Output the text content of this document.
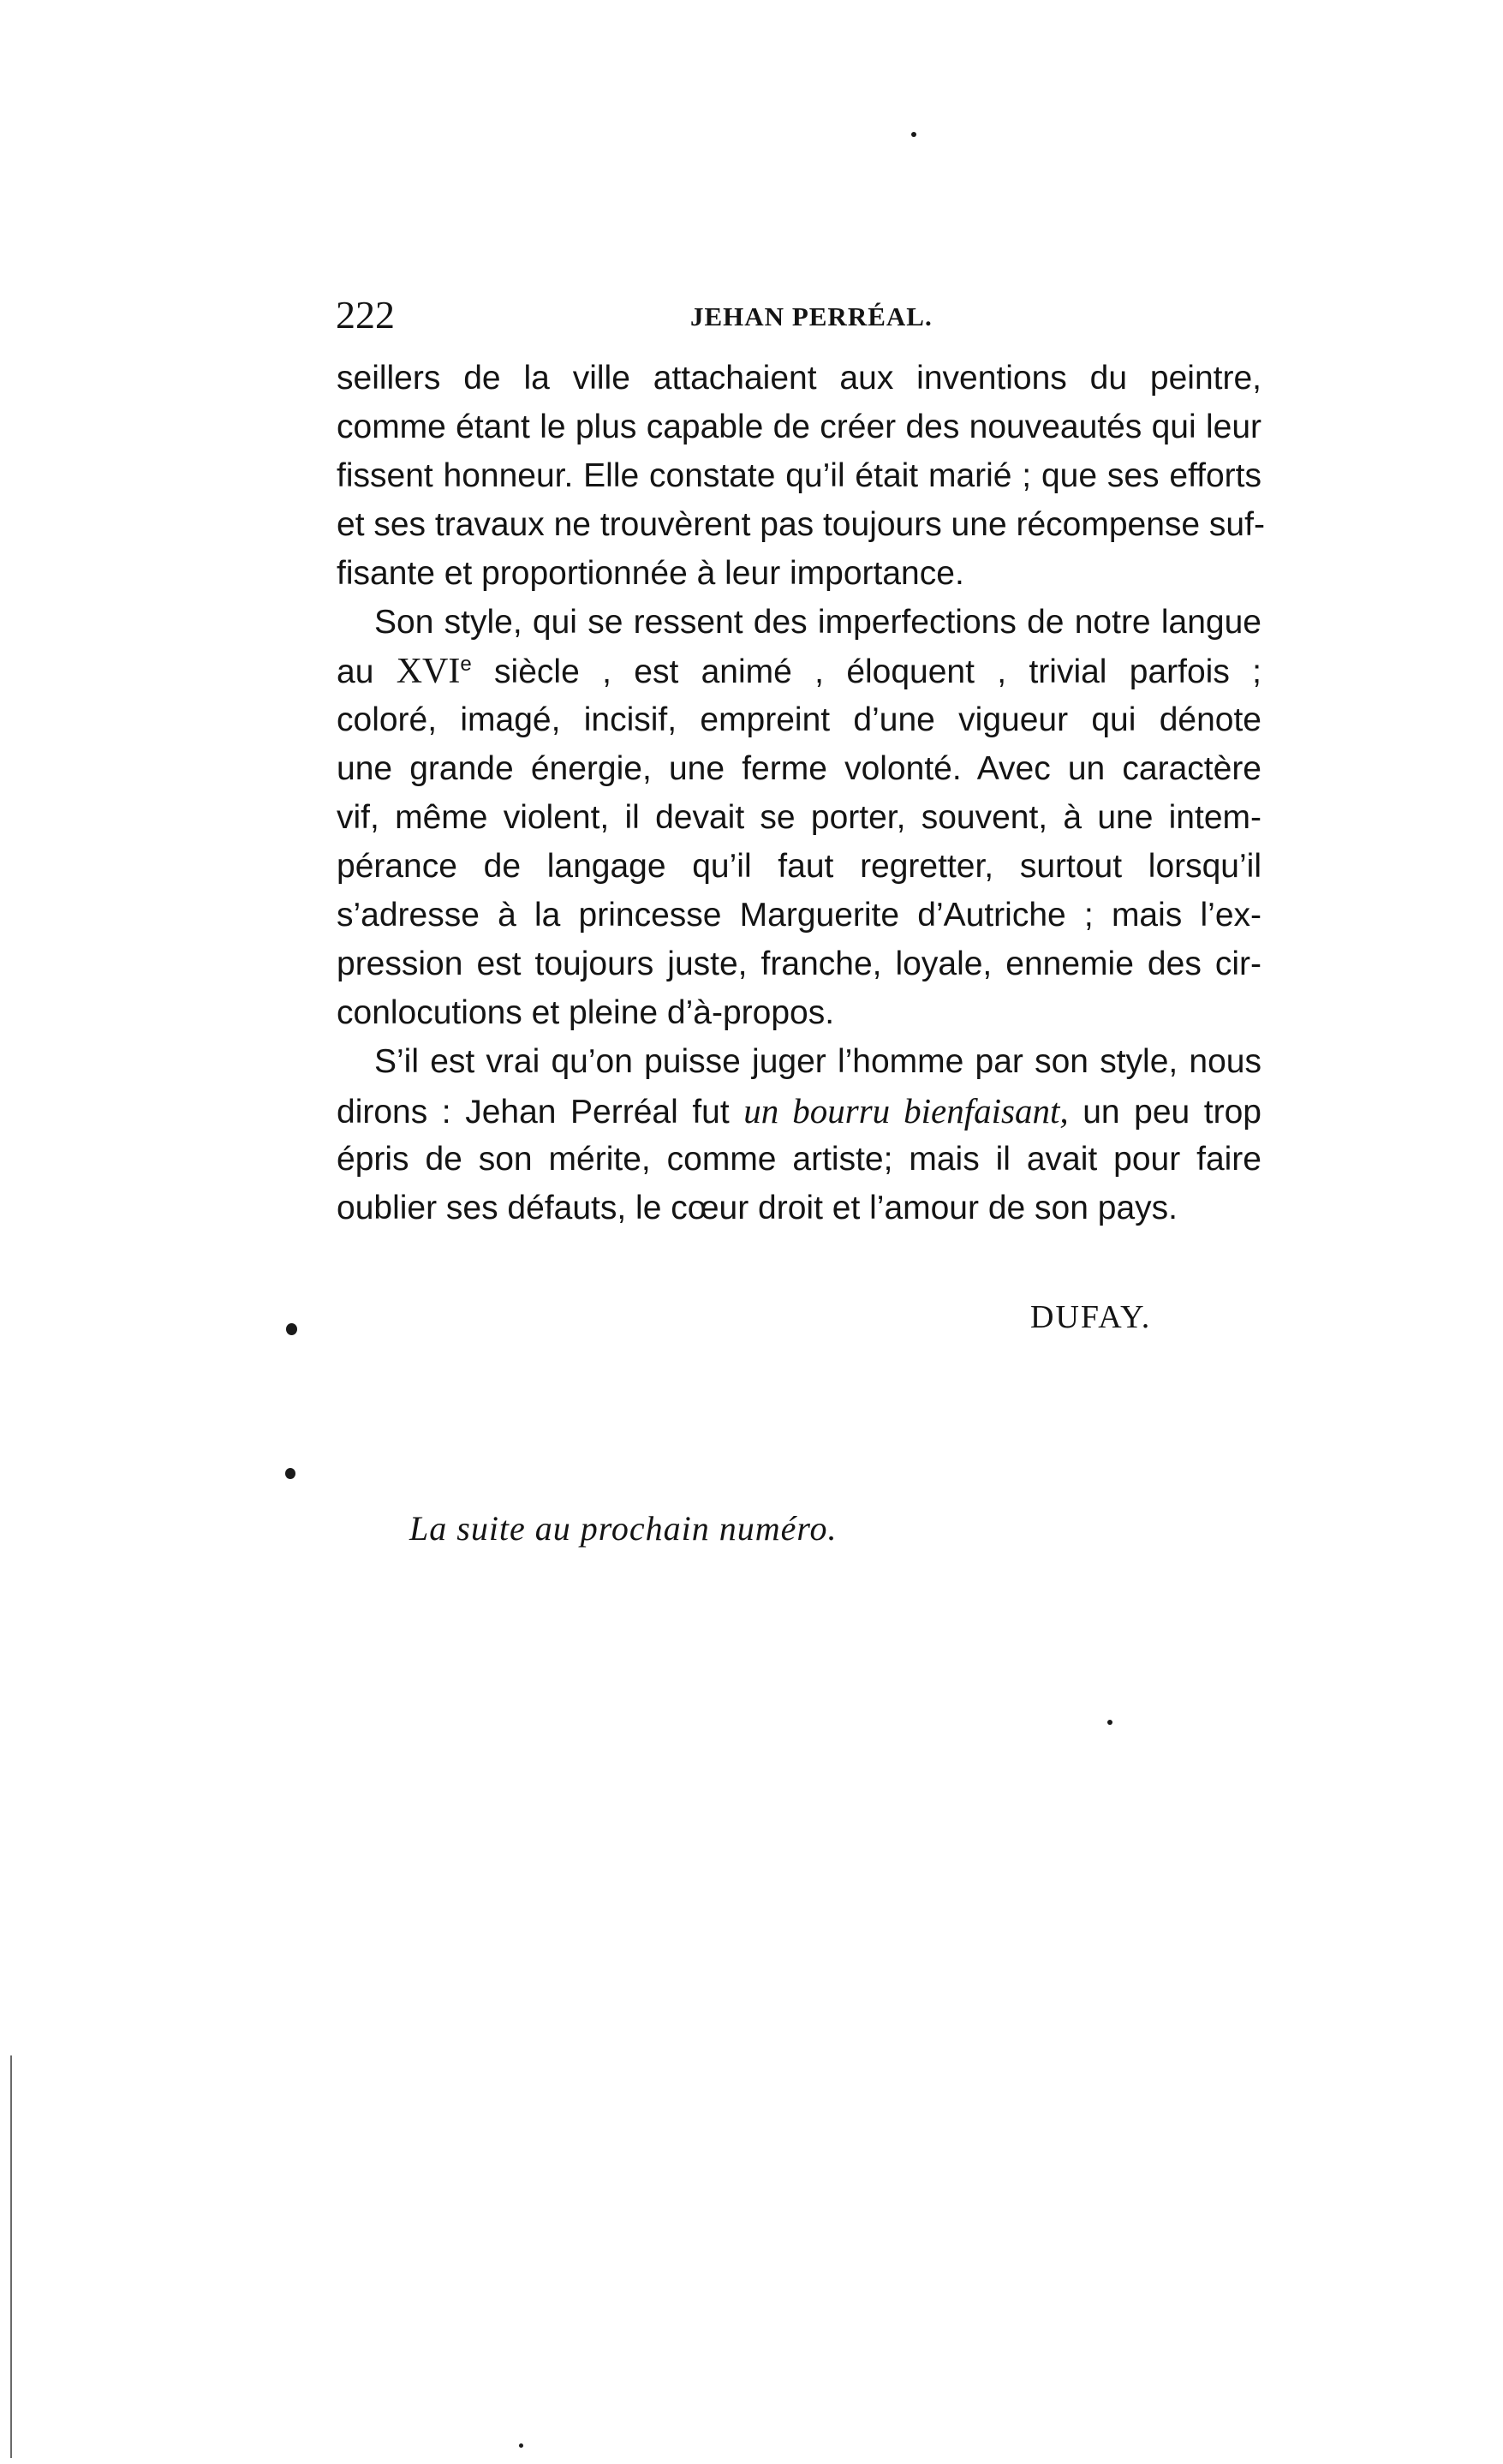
222	JEHAN PERRÉAL.
seillers de la ville attachaient aux inventions du peintre,
comme étant le plus capable de créer des nouveautés qui leur
fissent honneur. Elle constate qu’il était marié ; que ses efforts
et ses travaux ne trouvèrent pas toujours une récompense suf-
fisante et proportionnée à leur importance.
Son style, qui se ressent des imperfections de notre langue
au XVIe siècle , est animé , éloquent , trivial parfois ;
coloré, imagé, incisif, empreint d’une vigueur qui dénote
une grande énergie, une ferme volonté. Avec un caractère
vif, même violent, il devait se porter, souvent, à une intem-
pérance de langage qu’il faut regretter, surtout lorsqu’il
s’adresse à la princesse Marguerite d’Autriche ; mais l’ex-
pression est toujours juste, franche, loyale, ennemie des cir-
conlocutions et pleine d’à-propos.
S’il est vrai qu’on puisse juger l’homme par son style, nous
dirons : Jehan Perréal fut un bourru bienfaisant, un peu trop
épris de son mérite, comme artiste; mais il avait pour faire
oublier ses défauts, le cœur droit et l’amour de son pays.
DUFAY.
La suite au prochain numéro.
